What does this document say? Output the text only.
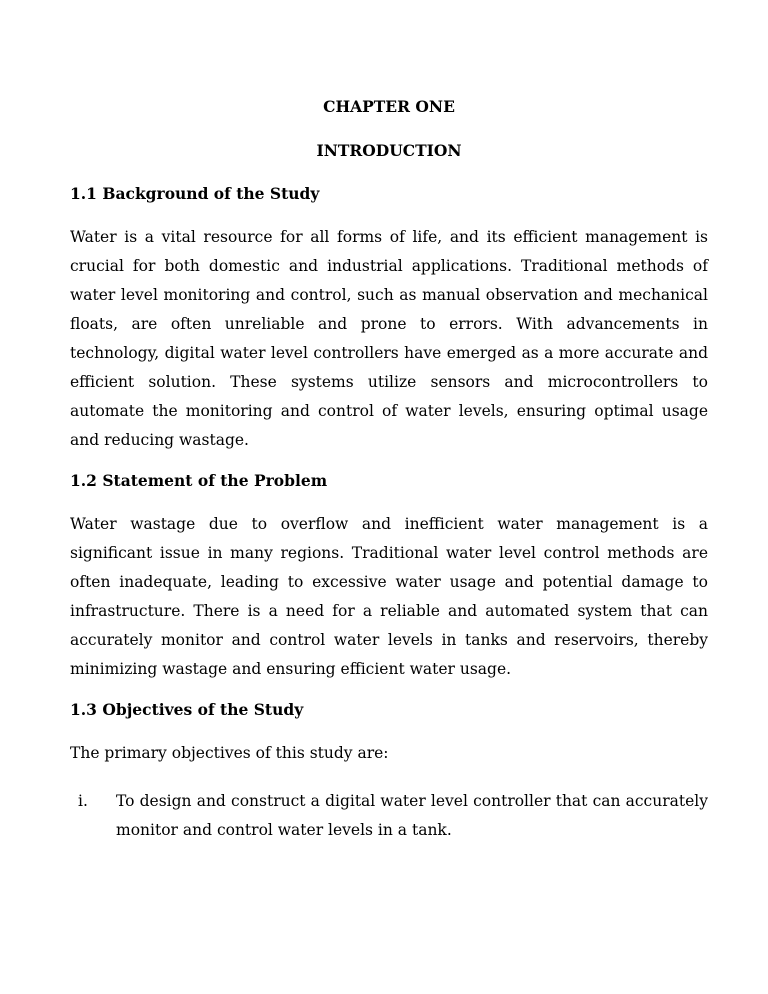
CHAPTER ONE
INTRODUCTION
1.1 Background of the Study

Water is a vital resource for all forms of life, and its efficient management is crucial for both domestic and industrial applications. Traditional methods of water level monitoring and control, such as manual observation and mechanical floats, are often unreliable and prone to errors. With advancements in technology, digital water level controllers have emerged as a more accurate and efficient solution. These systems utilize sensors and microcontrollers to automate the monitoring and control of water levels, ensuring optimal usage and reducing wastage.

1.2 Statement of the Problem

Water wastage due to overflow and inefficient water management is a significant issue in many regions. Traditional water level control methods are often inadequate, leading to excessive water usage and potential damage to infrastructure. There is a need for a reliable and automated system that can accurately monitor and control water levels in tanks and reservoirs, thereby minimizing wastage and ensuring efficient water usage.

1.3 Objectives of the Study

The primary objectives of this study are:

i. To design and construct a digital water level controller that can accurately monitor and control water levels in a tank.
